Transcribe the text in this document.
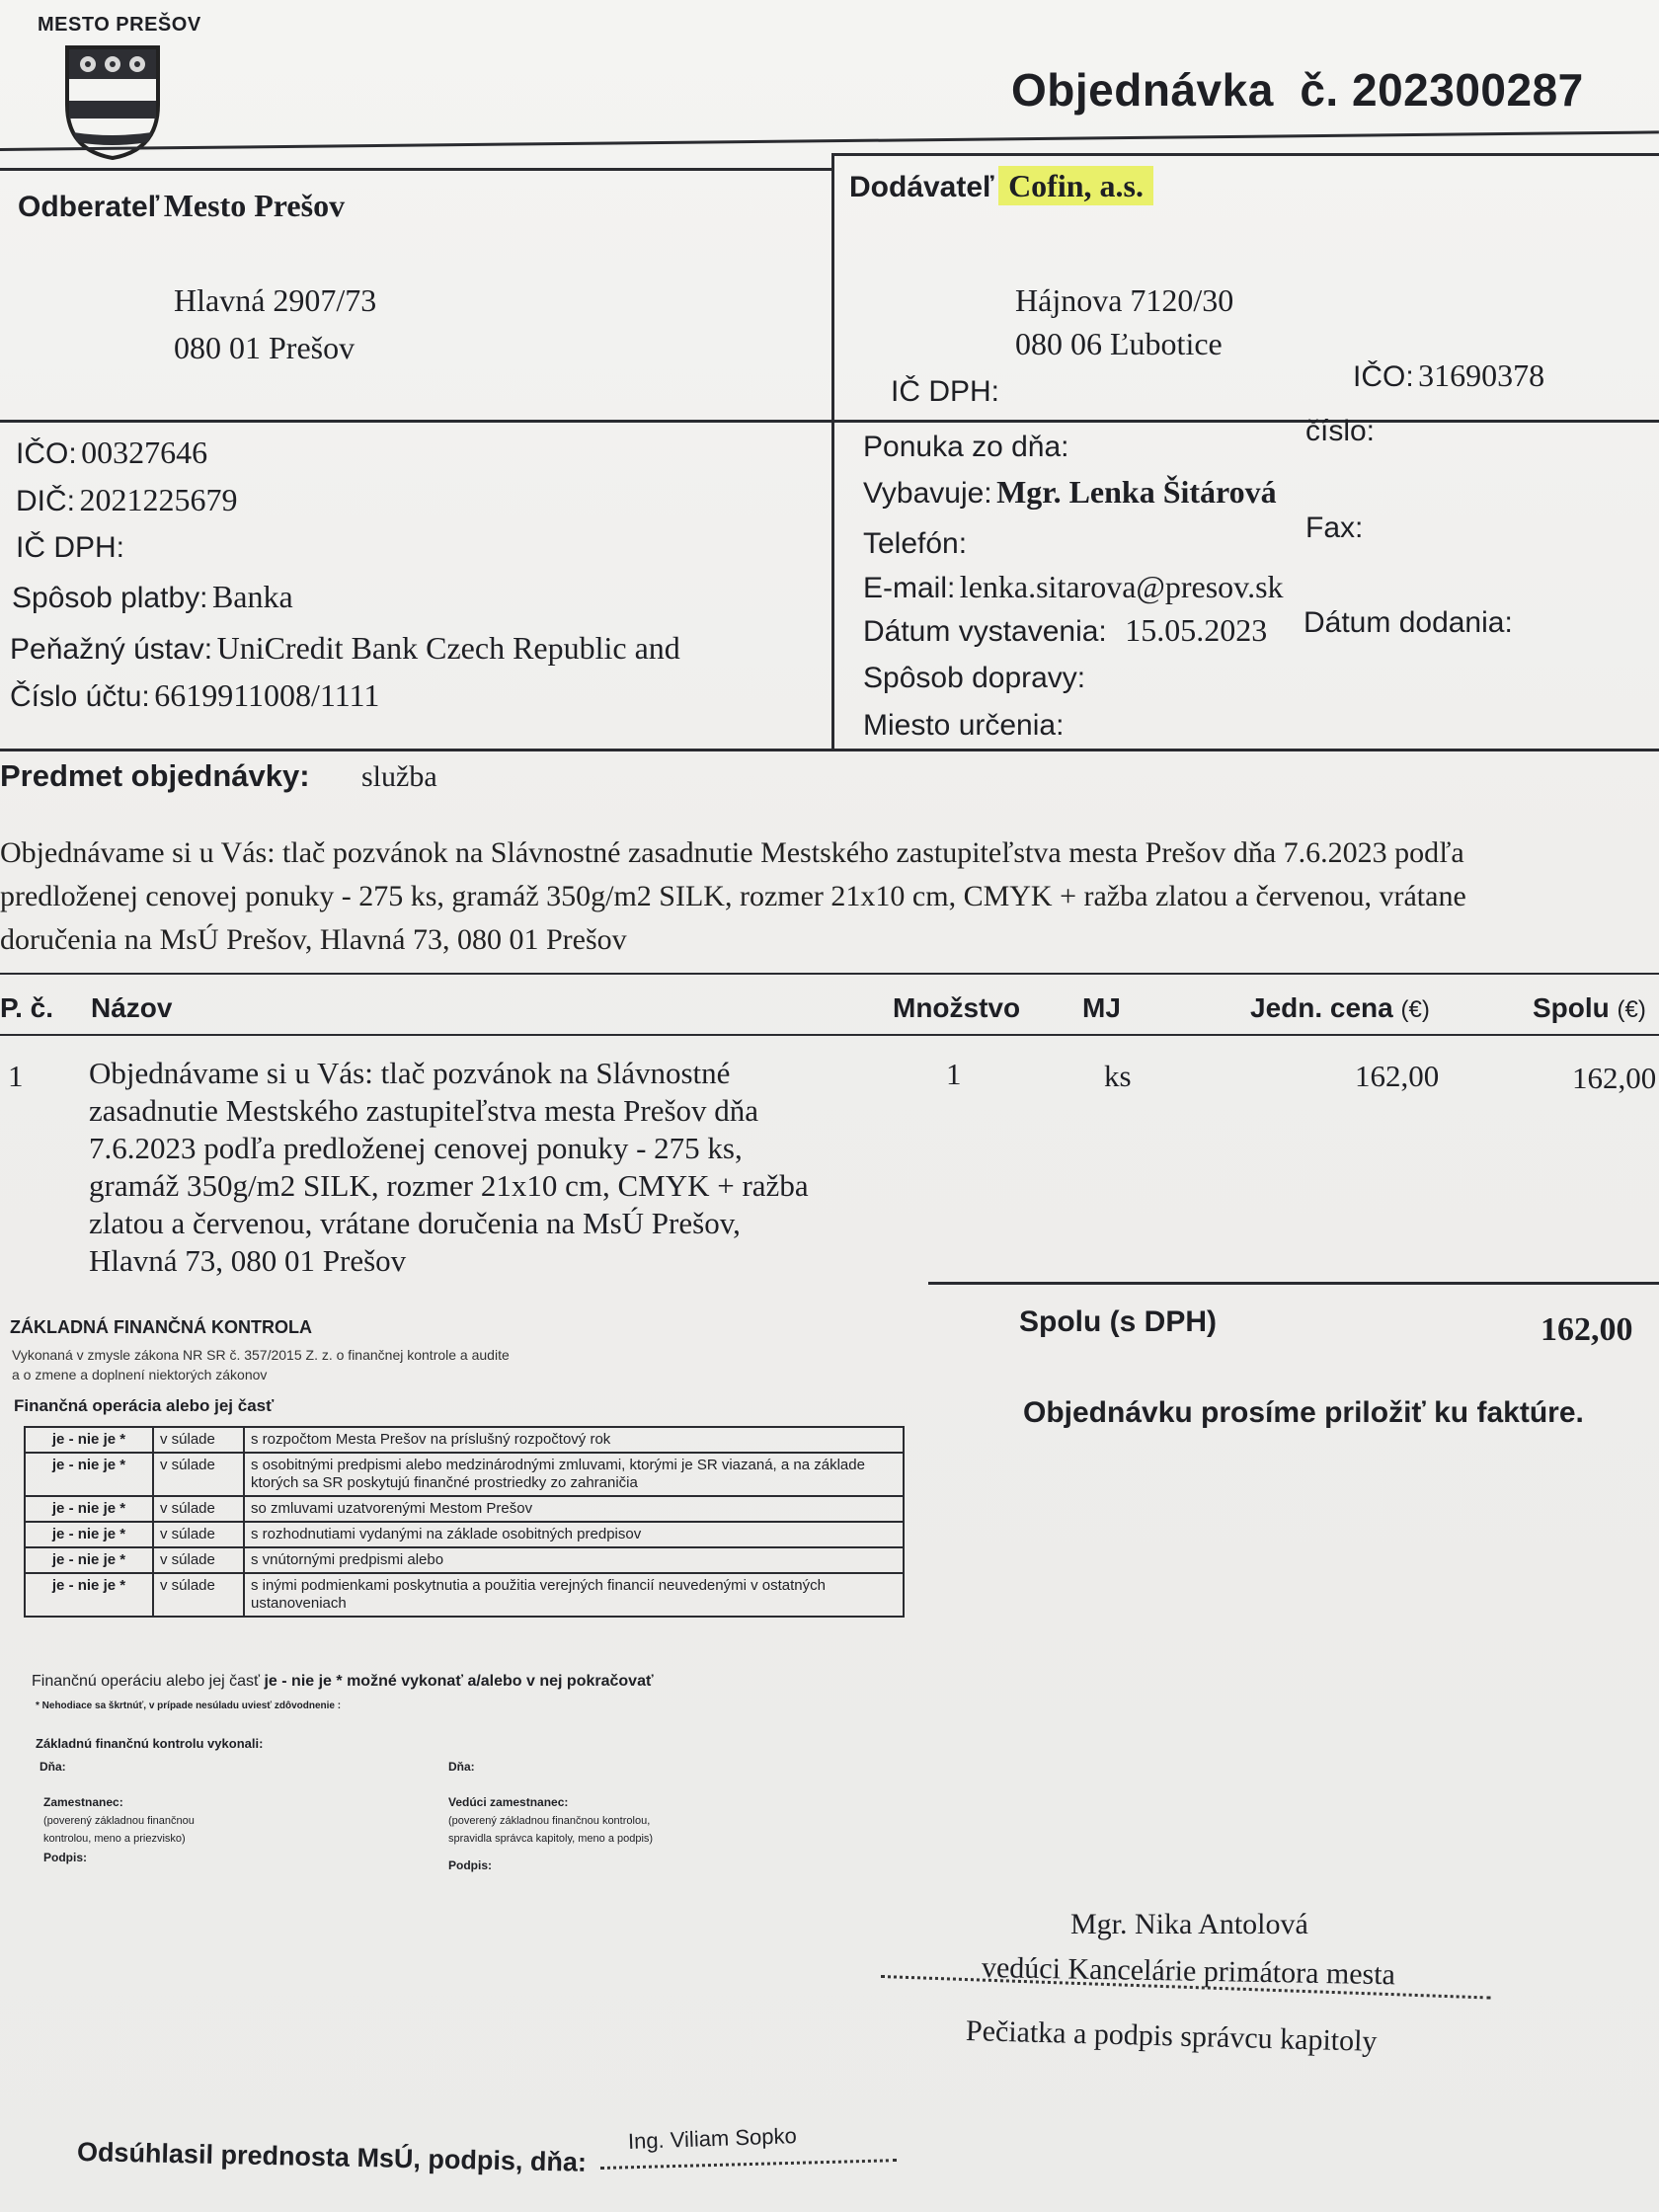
MESTO PREŠOV
Objednávka č. 202300287
Odberateľ Mesto Prešov
Hlavná 2907/73
080 01 Prešov
IČO: 00327646
DIČ: 2021225679
IČ DPH:
Spôsob platby: Banka
Peňažný ústav: UniCredit Bank Czech Republic and
Číslo účtu: 6619911008/1111
Dodávateľ Cofin, a.s.
Hájnova 7120/30
080 06 Ľubotice
IČ DPH:	IČO: 31690378
Ponuka zo dňa:	číslo:
Vybavuje: Mgr. Lenka Šitárová
Telefón:	Fax:
E-mail: lenka.sitarova@presov.sk
Dátum vystavenia: 15.05.2023 Dátum dodania:
Spôsob dopravy:
Miesto určenia:
Predmet objednávky: služba
Objednávame si u Vás: tlač pozvánok na Slávnostné zasadnutie Mestského zastupiteľstva mesta Prešov dňa 7.6.2023 podľa
predloženej cenovej ponuky - 275 ks, gramáž 350g/m2 SILK, rozmer 21x10 cm, CMYK + ražba zlatou a červenou, vrátane
doručenia na MsÚ Prešov, Hlavná 73, 080 01 Prešov
P. č. Názov	Množstvo MJ	Jedn. cena (€)	Spolu (€)
1 Objednávame si u Vás: tlač pozvánok na Slávnostné
zasadnutie Mestského zastupiteľstva mesta Prešov dňa
7.6.2023 podľa predloženej cenovej ponuky - 275 ks,
gramáž 350g/m2 SILK, rozmer 21x10 cm, CMYK + ražba
zlatou a červenou, vrátane doručenia na MsÚ Prešov,
Hlavná 73, 080 01 Prešov
1	ks	162,00	162,00
Spolu (s DPH)	162,00
Objednávku prosíme priložiť ku faktúre.
ZÁKLADNÁ FINANČNÁ KONTROLA
Vykonaná v zmysle zákona NR SR č. 357/2015 Z. z. o finančnej kontrole a audite
a o zmene a doplnení niektorých zákonov
Finančná operácia alebo jej časť
je - nie je *	v súlade	s rozpočtom Mesta Prešov na príslušný rozpočtový rok
je - nie je *	v súlade	s osobitnými predpismi alebo medzinárodnými zmluvami, ktorými je SR viazaná, a na základe ktorých sa SR poskytujú finančné prostriedky zo zahraničia
je - nie je *	v súlade	so zmluvami uzatvorenými Mestom Prešov
je - nie je *	v súlade	s rozhodnutiami vydanými na základe osobitných predpisov
je - nie je *	v súlade	s vnútornými predpismi alebo
je - nie je *	v súlade	s inými podmienkami poskytnutia a použitia verejných financií neuvedenými v ostatných ustanoveniach
Finančnú operáciu alebo jej časť je - nie je * možné vykonať a/alebo v nej pokračovať
* Nehodiace sa škrtnúť, v prípade nesúladu uviesť zdôvodnenie :
Základnú finančnú kontrolu vykonali:
Dňa:	Dňa:
Zamestnanec:
(poverený základnou finančnou
kontrolou, meno a priezvisko)
Podpis:
Vedúci zamestnanec:
(poverený základnou finančnou kontrolou,
spravidla správca kapitoly, meno a podpis)
Podpis:
Mgr. Nika Antolová
vedúci Kancelárie primátora mesta
Pečiatka a podpis správcu kapitoly
Odsúhlasil prednosta MsÚ, podpis, dňa: Ing. Viliam Sopko
